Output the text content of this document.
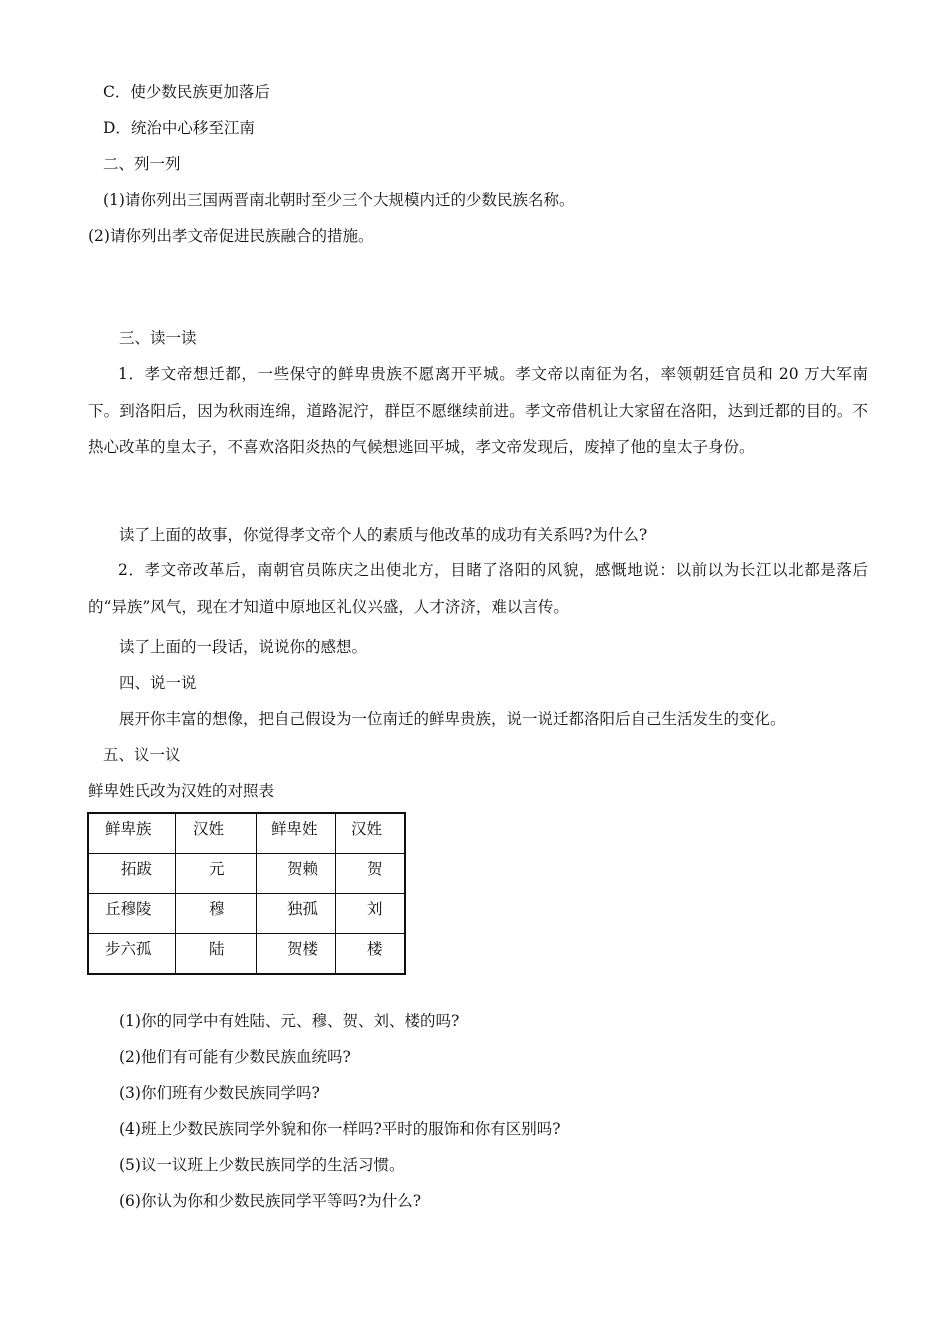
C．使少数民族更加落后
D．统治中心移至江南
二、列一列
(1)请你列出三国两晋南北朝时至少三个大规模内迁的少数民族名称。
(2)请你列出孝文帝促进民族融合的措施。
三、读一读
1．孝文帝想迁都，一些保守的鲜卑贵族不愿离开平城。孝文帝以南征为名，率领朝廷官员和 20 万大军南下。到洛阳后，因为秋雨连绵，道路泥泞，群臣不愿继续前进。孝文帝借机让大家留在洛阳，达到迁都的目的。不热心改革的皇太子，不喜欢洛阳炎热的气候想逃回平城，孝文帝发现后，废掉了他的皇太子身份。
读了上面的故事，你觉得孝文帝个人的素质与他改革的成功有关系吗?为什么?
2．孝文帝改革后，南朝官员陈庆之出使北方，目睹了洛阳的风貌，感慨地说：以前以为长江以北都是落后的“异族”风气，现在才知道中原地区礼仪兴盛，人才济济，难以言传。
读了上面的一段话，说说你的感想。
四、说一说
展开你丰富的想像，把自己假设为一位南迁的鲜卑贵族，说一说迁都洛阳后自己生活发生的变化。
五、议一议
鲜卑姓氏改为汉姓的对照表
鲜卑族	汉姓	鲜卑姓	汉姓
拓跋	元	贺赖	贺
丘穆陵	穆	独孤	刘
步六孤	陆	贺楼	楼
(1)你的同学中有姓陆、元、穆、贺、刘、楼的吗?
(2)他们有可能有少数民族血统吗?
(3)你们班有少数民族同学吗?
(4)班上少数民族同学外貌和你一样吗?平时的服饰和你有区别吗?
(5)议一议班上少数民族同学的生活习惯。
(6)你认为你和少数民族同学平等吗?为什么?
